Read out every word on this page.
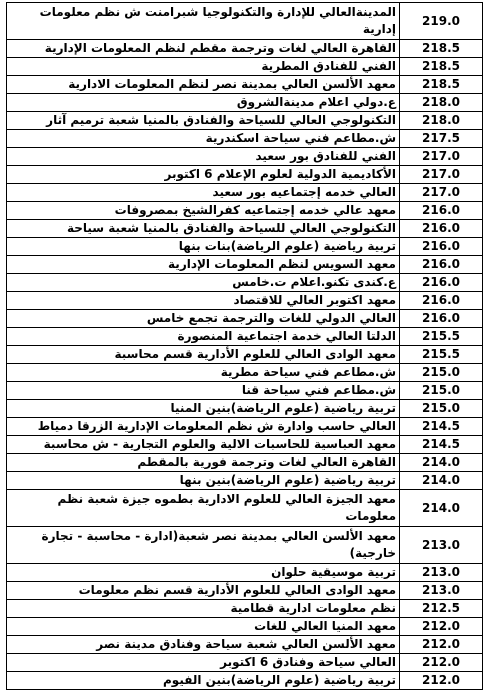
المدينةالعالي للإدارة والتكنولوجيا شبرامنت ش نظم معلومات إدارية	219.0
القاهرة العالي لغات وترجمة مقطم لنظم المعلومات الإدارية	218.5
الفني للفنادق المطرية	218.5
معهد الألسن العالي بمدينة نصر لنظم المعلومات الادارية	218.5
ع.دولي اعلام مدينةالشروق	218.0
التكنولوجي العالي للسياحة والفنادق بالمنيا شعبة ترميم آثار	218.0
ش.مطاعم فني سياحة اسكندرية	217.5
الفني للفنادق بور سعيد	217.0
الأكاديمية الدولية لعلوم الإعلام 6 اكتوبر	217.0
العالي خدمه إجتماعيه بور سعيد	217.0
معهد عالي خدمه إجتماعيه كفرالشيخ بمصروفات	216.0
التكنولوجي العالي للسياحة والفنادق بالمنيا شعبة سياحة	216.0
تربية رياضية (علوم الرياضة)بنات بنها	216.0
معهد السويس لنظم المعلومات الإدارية	216.0
ع.كندى تكنو.اعلام ت.خامس	216.0
معهد اكتوبر العالي للاقتصاد	216.0
العالي الدولي للغات والترجمة تجمع خامس	216.0
الدلتا العالي خدمة اجتماعية المنصورة	215.5
معهد الوادى العالي للعلوم الأدارية قسم محاسبة	215.5
ش.مطاعم فني سياحة مطرية	215.0
ش.مطاعم فني سياحة قنا	215.0
تربية رياضية (علوم الرياضة)بنين المنيا	215.0
العالي حاسب وادارة ش نظم المعلومات الإدارية الزرقا دمياط	214.5
معهد العباسية للحاسبات الالية والعلوم التجارية - ش محاسبة	214.5
القاهرة العالي لغات وترجمة فورية بالمقطم	214.0
تربية رياضية (علوم الرياضة)بنين بنها	214.0
معهد الجيزة العالي للعلوم الادارية بطموه جيزة شعبة نظم معلومات	214.0
معهد الألسن العالي بمدينة نصر شعبة(ادارة - محاسبة - تجارة خارجية)	213.0
تربية موسيقية حلوان	213.0
معهد الوادى العالي للعلوم الأدارية قسم نظم معلومات	213.0
نظم معلومات ادارية قطامية	212.5
معهد المنيا العالي للغات	212.0
معهد الألسن العالي شعبة سياحة وفنادق مدينة نصر	212.0
العالي سياحة وفنادق 6 اكتوبر	212.0
تربية رياضية (علوم الرياضة)بنين الفيوم	212.0
